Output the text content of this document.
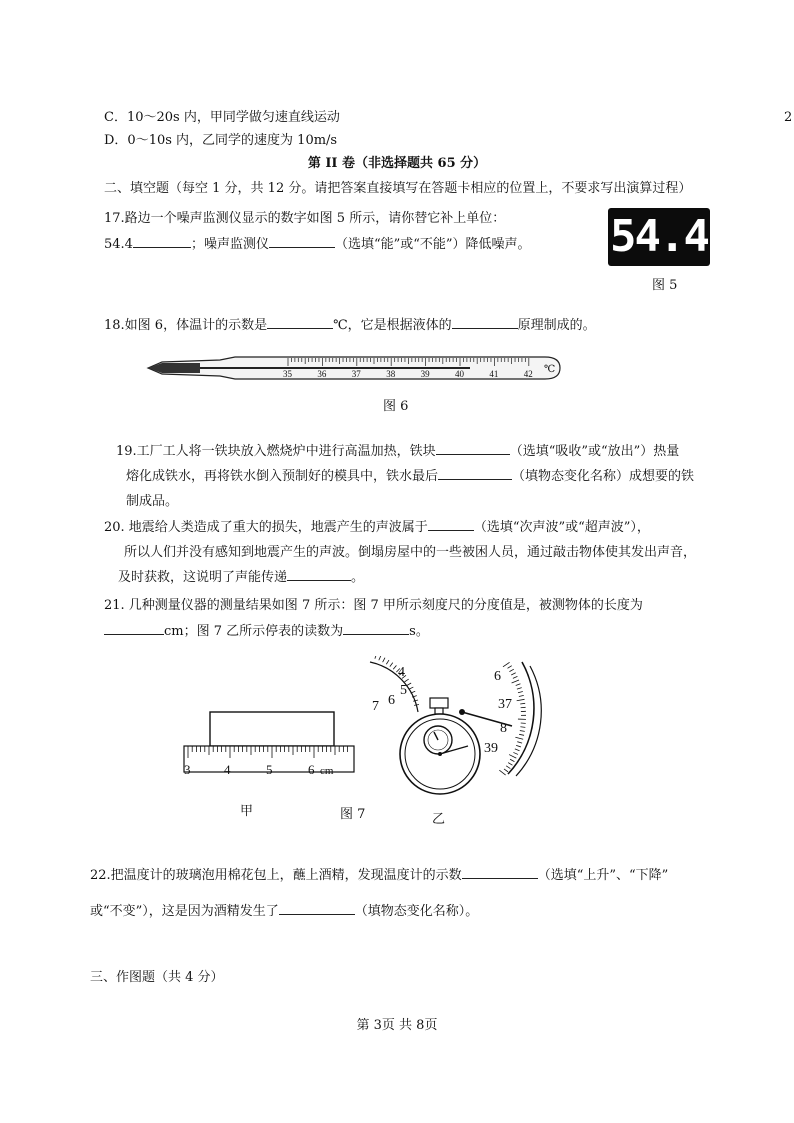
C．10～20s 内，甲同学做匀速直线运动
D．0～10s 内，乙同学的速度为 10m/s
2
第 II 卷（非选择题共 65 分）
二、填空题（每空 1 分，共 12 分。请把答案直接填写在答题卡相应的位置上，不要求写出演算过程）
17.路边一个噪声监测仪显示的数字如图 5 所示，请你替它补上单位：
54.4	；噪声监测仪	（选填“能”或“不能”）降低噪声。 54.4
图 5
18.如图 6，体温计的示数是	℃，它是根据液体的	原理制成的。
35	36	37	38	39	40	41	42 ℃
图 6
19.工厂工人将一铁块放入燃烧炉中进行高温加热，铁块	（选填“吸收”或“放出”）热量
熔化成铁水，再将铁水倒入预制好的模具中，铁水最后	（填物态变化名称）成想要的铁
制成品。
20. 地震给人类造成了重大的损失，地震产生的声波属于	（选填“次声波”或“超声波”），
所以人们并没有感知到地震产生的声波。倒塌房屋中的一些被困人员，通过敲击物体使其发出声音，
及时获救，这说明了声能传递	。
21. 几种测量仪器的测量结果如图 7 所示：图 7 甲所示刻度尺的分度值是，被测物体的长度为
cm；图 7 乙所示停表的读数为	s。
3	4	5	6 cm
甲	图 7
4
5
6
7
6
37
8
39
乙
22.把温度计的玻璃泡用棉花包上，蘸上酒精，发现温度计的示数	（选填“上升”、“下降”
或“不变”），这是因为酒精发生了	（填物态变化名称）。
三、作图题（共 4 分）
第 3页 共 8页
